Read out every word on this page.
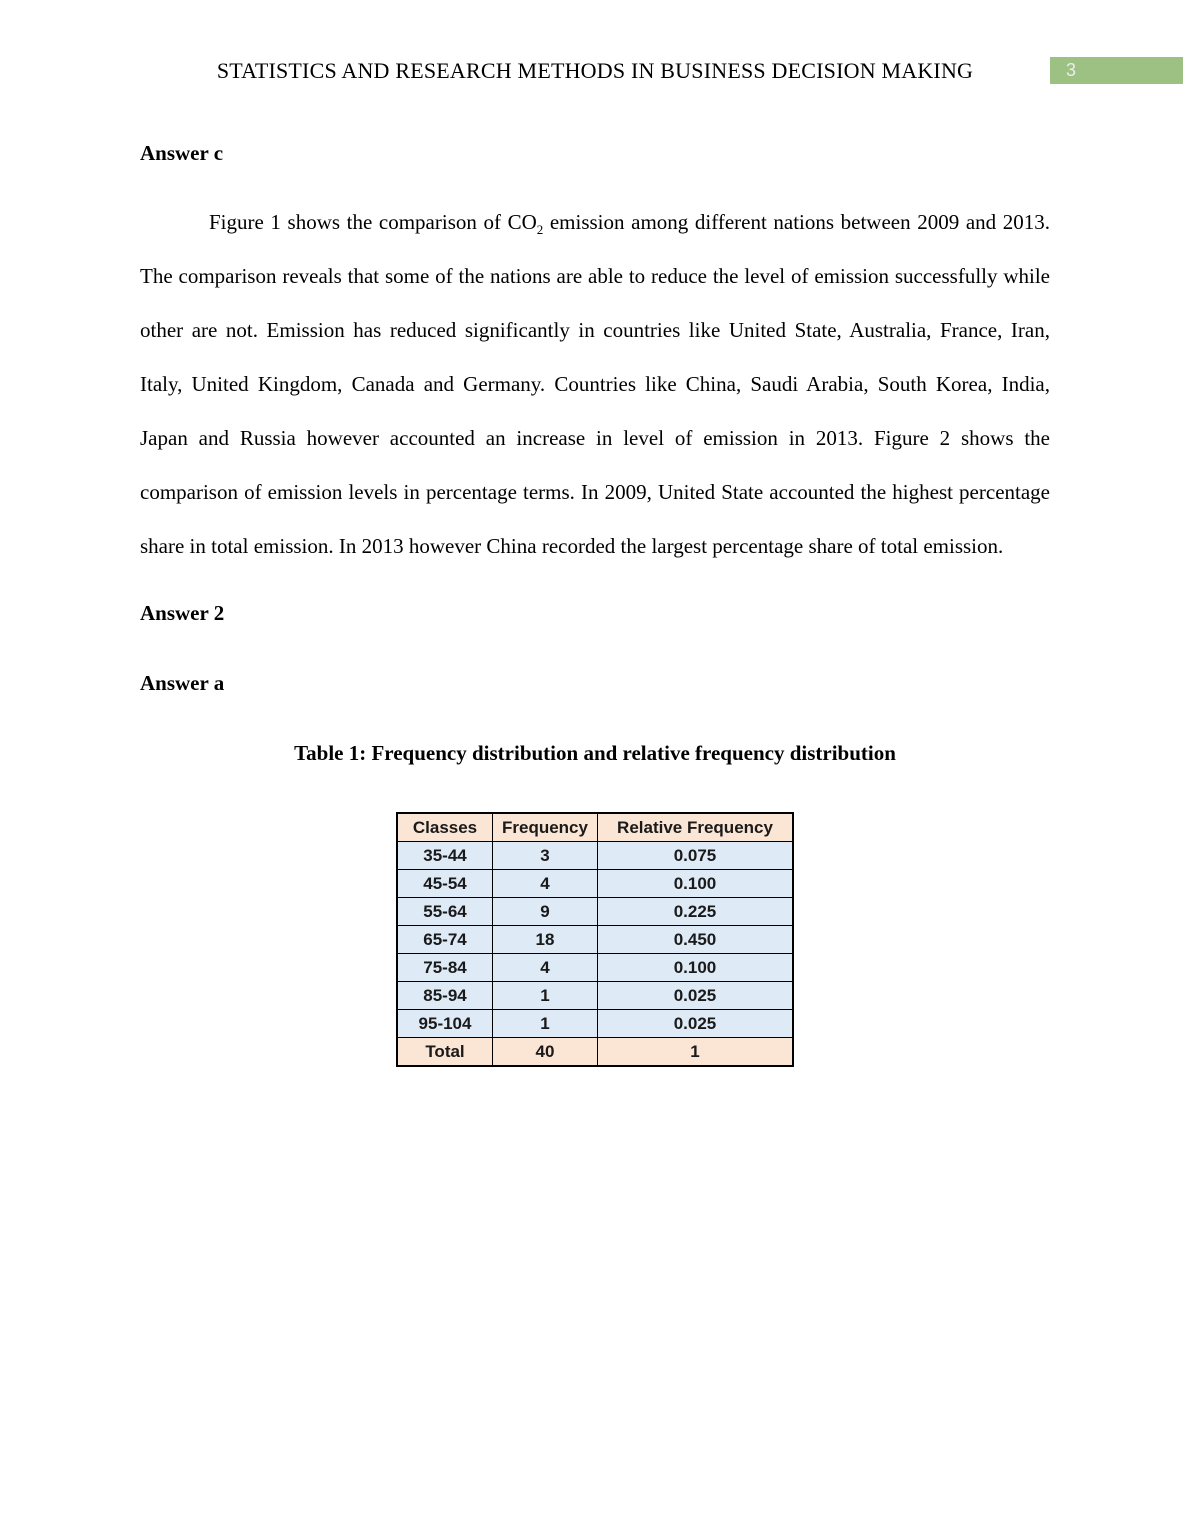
STATISTICS AND RESEARCH METHODS IN BUSINESS DECISION MAKING	3
Answer c

Figure 1 shows the comparison of $CO_2$ emission among different nations between 2009 and 2013. The comparison reveals that some of the nations are able to reduce the level of emission successfully while other are not. Emission has reduced significantly in countries like United State, Australia, France, Iran, Italy, United Kingdom, Canada and Germany. Countries like China, Saudi Arabia, South Korea, India, Japan and Russia however accounted an increase in level of emission in 2013. Figure 2 shows the comparison of emission levels in percentage terms. In 2009, United State accounted the highest percentage share in total emission. In 2013 however China recorded the largest percentage share of total emission.

Answer 2
Answer a

Table 1: Frequency distribution and relative frequency distribution

Classes	Frequency	Relative Frequency
35-44	3	0.075
45-54	4	0.100
55-64	9	0.225
65-74	18	0.450
75-84	4	0.100
85-94	1	0.025
95-104	1	0.025
Total	40	1
